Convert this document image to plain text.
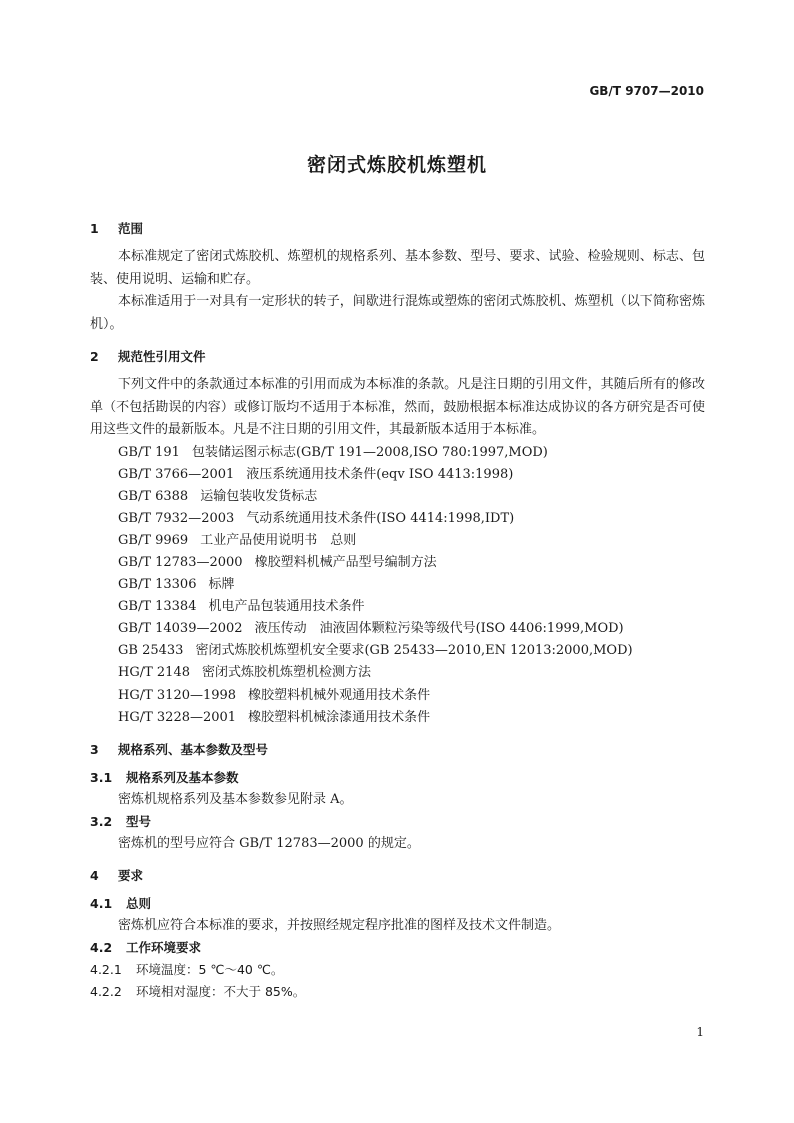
GB/T 9707—2010
密闭式炼胶机炼塑机
1 范围

本标准规定了密闭式炼胶机、炼塑机的规格系列、基本参数、型号、要求、试验、检验规则、标志、包装、使用说明、运输和贮存。

本标准适用于一对具有一定形状的转子，间歇进行混炼或塑炼的密闭式炼胶机、炼塑机（以下简称密炼机）。

2 规范性引用文件

下列文件中的条款通过本标准的引用而成为本标准的条款。凡是注日期的引用文件，其随后所有的修改单（不包括勘误的内容）或修订版均不适用于本标准，然而，鼓励根据本标准达成协议的各方研究是否可使用这些文件的最新版本。凡是不注日期的引用文件，其最新版本适用于本标准。

GB/T 191 包装储运图示标志(GB/T 191—2008,ISO 780:1997,MOD)
GB/T 3766—2001 液压系统通用技术条件(eqv ISO 4413:1998)
GB/T 6388 运输包装收发货标志
GB/T 7932—2003 气动系统通用技术条件(ISO 4414:1998,IDT)
GB/T 9969 工业产品使用说明书　总则
GB/T 12783—2000 橡胶塑料机械产品型号编制方法
GB/T 13306 标牌
GB/T 13384 机电产品包装通用技术条件
GB/T 14039—2002 液压传动　油液固体颗粒污染等级代号(ISO 4406:1999,MOD)
GB 25433 密闭式炼胶机炼塑机安全要求(GB 25433—2010,EN 12013:2000,MOD)
HG/T 2148 密闭式炼胶机炼塑机检测方法
HG/T 3120—1998 橡胶塑料机械外观通用技术条件
HG/T 3228—2001 橡胶塑料机械涂漆通用技术条件
3 规格系列、基本参数及型号
3.1 规格系列及基本参数
密炼机规格系列及基本参数参见附录 A。
3.2 型号
密炼机的型号应符合 GB/T 12783—2000 的规定。
4 要求
4.1 总则
密炼机应符合本标准的要求，并按照经规定程序批准的图样及技术文件制造。
4.2 工作环境要求
4.2.1 环境温度：5 ℃～40 ℃。
4.2.2 环境相对湿度：不大于 85%。
1
